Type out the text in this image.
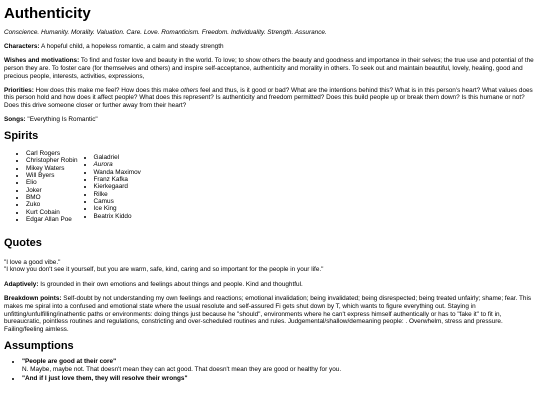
Authenticity

Conscience. Humanity. Morality. Valuation. Care. Love. Romanticism. Freedom. Individuality. Strength. Assurance.

Characters: A hopeful child, a hopeless romantic, a calm and steady strength

Wishes and motivations: To find and foster love and beauty in the world. To love; to show others the beauty and goodness and importance in their selves; the true use and potential of the person they are. To foster care (for themselves and others) and inspire self-acceptance, authenticity and morality in others. To seek out and maintain beautiful, lovely, healing, good and precious people, interests, activities, expressions,

Priorities: How does this make me feel? How does this make others feel and thus, is it good or bad? What are the intentions behind this? What is in this person's heart? What values does this person hold and how does it affect people? What does this represent? Is authenticity and freedom permitted? Does this build people up or break them down? Is this humane or not? Does this drive someone closer or further away from their heart?

Songs: "Everything Is Romantic"

Spirits
• Carl Rogers
• Christopher Robin
• Mikey Waters
• Will Byers
• Elio
• Joker
• BMO
• Zuko
• Kurt Cobain
• Edgar Allan Poe
• Galadriel
• Aurora
• Wanda Maximov
• Franz Kafka
• Kierkegaard
• Rilke
• Camus
• Ice King
• Beatrix Kiddo
Quotes
"I love a good vibe."
"I know you don't see it yourself, but you are warm, safe, kind, caring and so important for the people in your life."

Adaptively: Is grounded in their own emotions and feelings about things and people. Kind and thoughtful.

Breakdown points: Self-doubt by not understanding my own feelings and reactions; emotional invalidation; being invalidated; being disrespected; being treated unfairly; shame; fear. This makes me spiral into a confused and emotional state where the usual resolute and self-assured Fi gets shut down by T, which wants to figure everything out. Staying in unfitting/unfulfilling/inathentic paths or environments: doing things just because he "should", environments where he can't express himself authentically or has to "fake it" to fit in, bureaucratic, pointless routines and regulations, constricting and over-scheduled routines and rules. Judgemental/shallow/demeaning people: . Overwhelm, stress and pressure. Failing/feeling aimless.

Assumptions
• "People are good at their core"
N. Maybe, maybe not. That doesn't mean they can act good. That doesn't mean they are good or healthy for you.
• "And if I just love them, they will resolve their wrongs"
